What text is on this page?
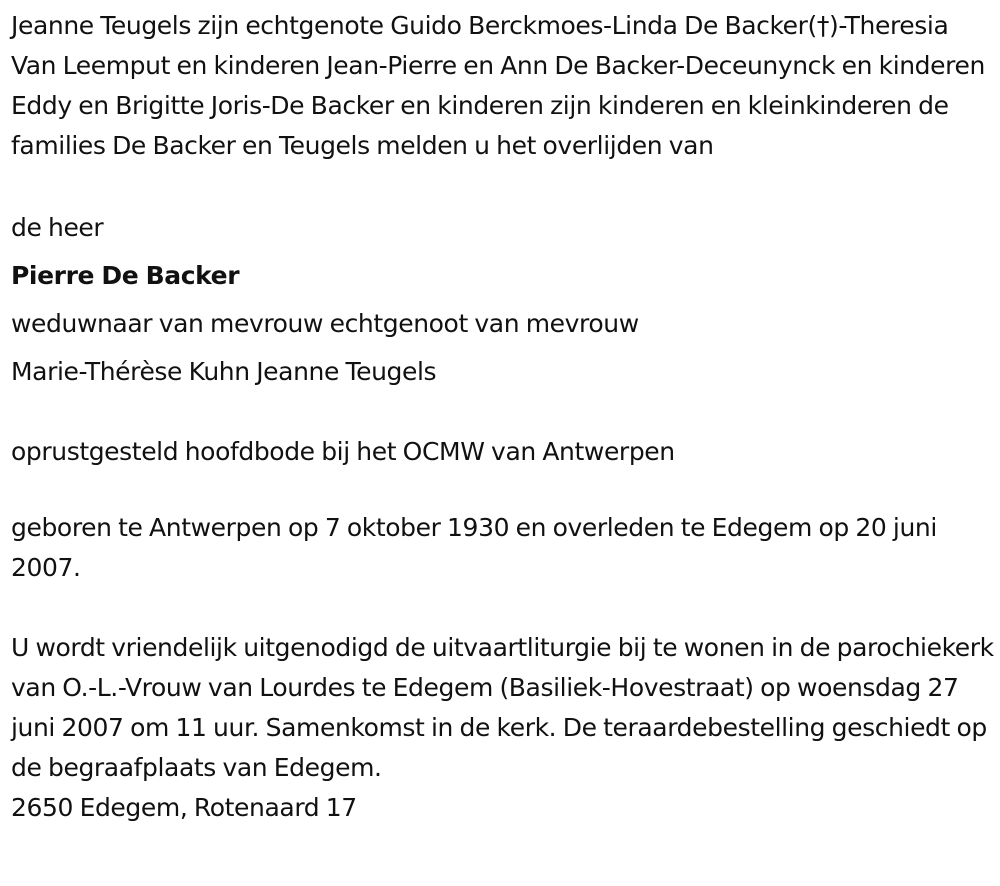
Jeanne Teugels zijn echtgenote Guido Berckmoes-Linda De Backer(†)-Theresia Van Leemput en kinderen Jean-Pierre en Ann De Backer-Deceunynck en kinderen Eddy en Brigitte Joris-De Backer en kinderen zijn kinderen en kleinkinderen de families De Backer en Teugels melden u het overlijden van

de heer

Pierre De Backer

weduwnaar van mevrouw echtgenoot van mevrouw

Marie-Thérèse Kuhn Jeanne Teugels

oprustgesteld hoofdbode bij het OCMW van Antwerpen

geboren te Antwerpen op 7 oktober 1930 en overleden te Edegem op 20 juni 2007.

U wordt vriendelijk uitgenodigd de uitvaartliturgie bij te wonen in de parochiekerk van O.-L.-Vrouw van Lourdes te Edegem (Basiliek-Hovestraat) op woensdag 27 juni 2007 om 11 uur. Samenkomst in de kerk. De teraardebestelling geschiedt op de begraafplaats van Edegem.

2650 Edegem, Rotenaard 17
